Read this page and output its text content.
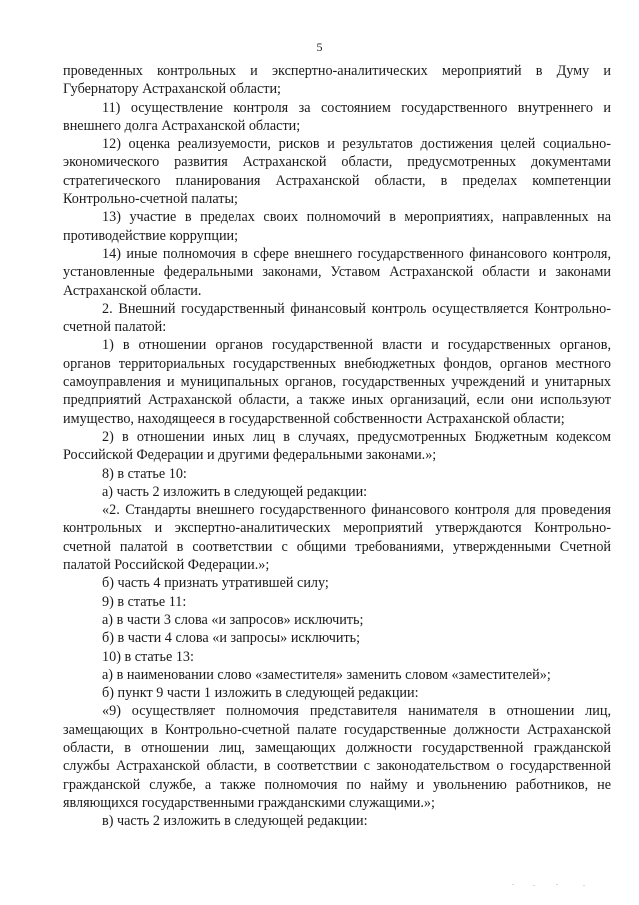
5

проведенных контрольных и экспертно-аналитических мероприятий в Думу и Губернатору Астраханской области;

11) осуществление контроля за состоянием государственного внутреннего и внешнего долга Астраханской области;

12) оценка реализуемости, рисков и результатов достижения целей социально-экономического развития Астраханской области, предусмотренных документами стратегического планирования Астраханской области, в пределах компетенции Контрольно-счетной палаты;

13) участие в пределах своих полномочий в мероприятиях, направленных на противодействие коррупции;

14) иные полномочия в сфере внешнего государственного финансового контроля, установленные федеральными законами, Уставом Астраханской области и законами Астраханской области.

2. Внешний государственный финансовый контроль осуществляется Контрольно-счетной палатой:

1) в отношении органов государственной власти и государственных органов, органов территориальных государственных внебюджетных фондов, органов местного самоуправления и муниципальных органов, государственных учреждений и унитарных предприятий Астраханской области, а также иных организаций, если они используют имущество, находящееся в государственной собственности Астраханской области;

2) в отношении иных лиц в случаях, предусмотренных Бюджетным кодексом Российской Федерации и другими федеральными законами.»;

8) в статье 10:

а) часть 2 изложить в следующей редакции:

«2. Стандарты внешнего государственного финансового контроля для проведения контрольных и экспертно-аналитических мероприятий утверждаются Контрольно-счетной палатой в соответствии с общими требованиями, утвержденными Счетной палатой Российской Федерации.»;

б) часть 4 признать утратившей силу;

9) в статье 11:

а) в части 3 слова «и запросов» исключить;

б) в части 4 слова «и запросы» исключить;

10) в статье 13:

а) в наименовании слово «заместителя» заменить словом «заместителей»;

б) пункт 9 части 1 изложить в следующей редакции:

«9) осуществляет полномочия представителя нанимателя в отношении лиц, замещающих в Контрольно-счетной палате государственные должности Астраханской области, в отношении лиц, замещающих должности государственной гражданской службы Астраханской области, в соответствии с законодательством о государственной гражданской службе, а также полномочия по найму и увольнению работников, не являющихся государственными гражданскими служащими.»;

в) часть 2 изложить в следующей редакции:
